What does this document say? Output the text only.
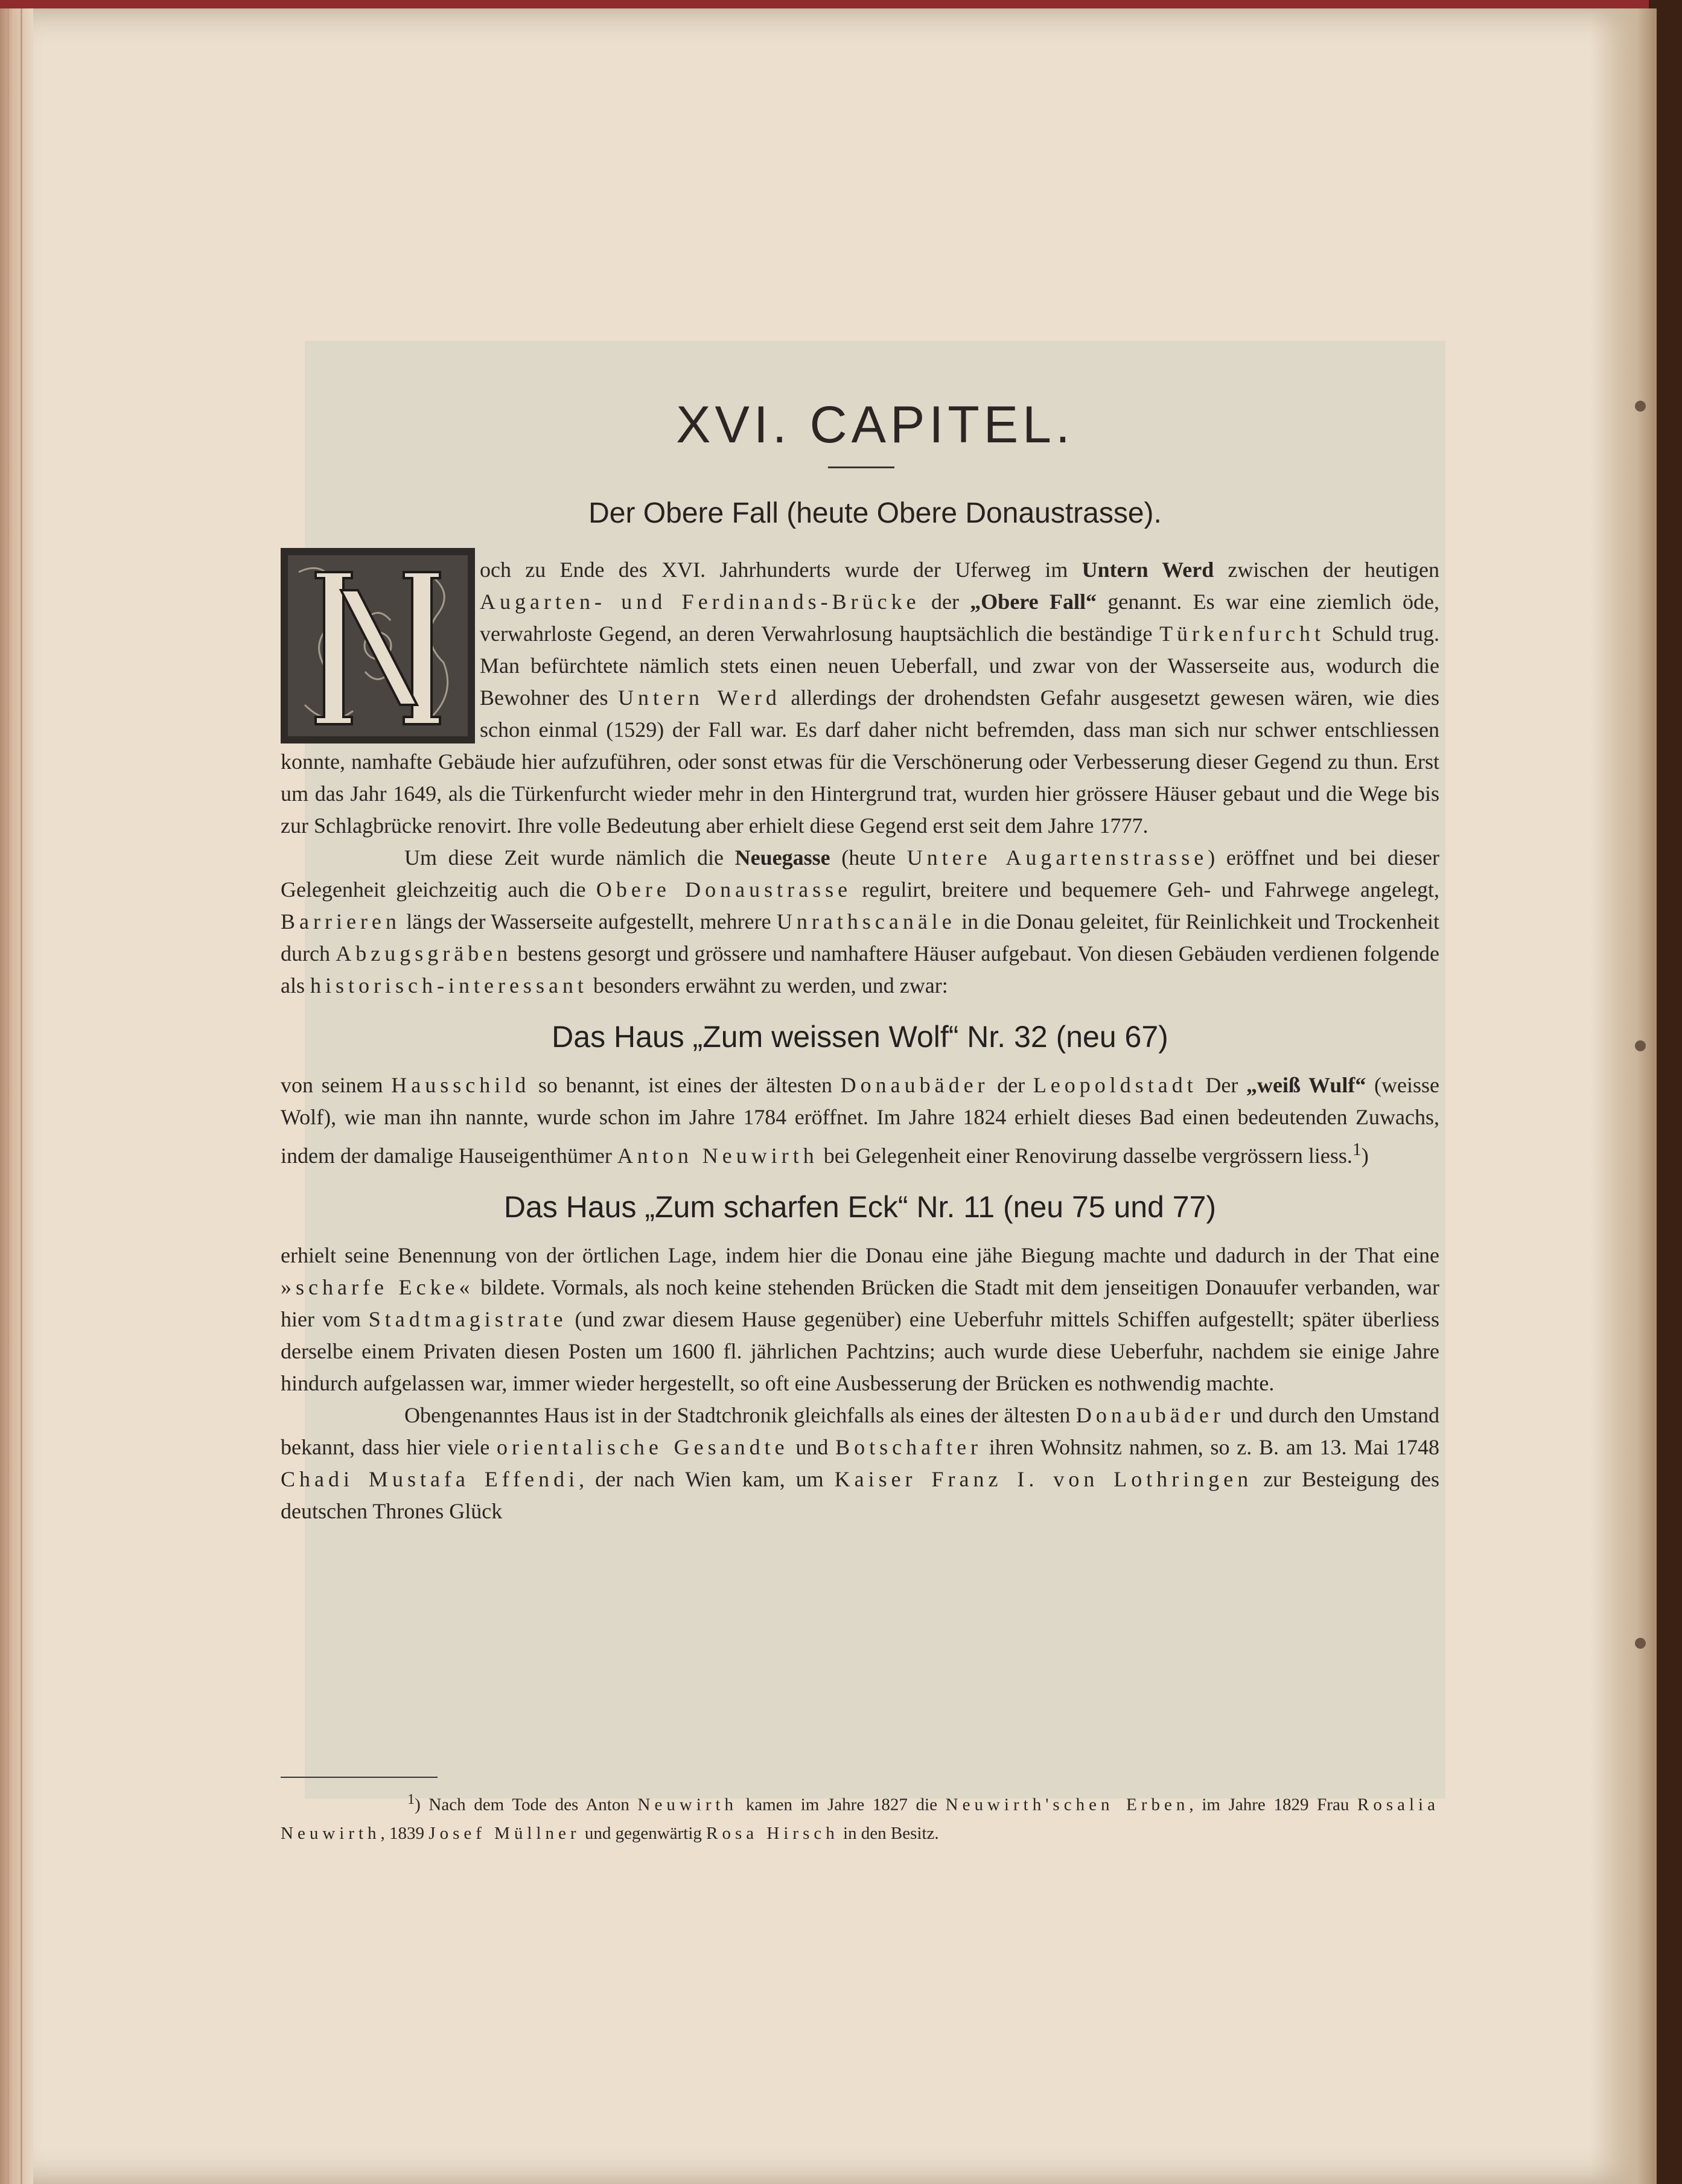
XVI. CAPITEL.
Der Obere Fall (heute Obere Donaustrasse).

och zu Ende des XVI. Jahrhunderts wurde der Uferweg im Untern Werd zwischen der heutigen Augarten- und Ferdinands-Brücke der „Obere Fall“ genannt. Es war eine ziemlich öde, verwahrloste Gegend, an deren Verwahrlosung hauptsächlich die beständige Türkenfurcht Schuld trug. Man befürchtete nämlich stets einen neuen Ueberfall, und zwar von der Wasserseite aus, wodurch die Bewohner des Untern Werd allerdings der drohendsten Gefahr ausgesetzt gewesen wären, wie dies schon einmal (1529) der Fall war. Es darf daher nicht befremden, dass man sich nur schwer entschliessen konnte, namhafte Gebäude hier aufzuführen, oder sonst etwas für die Verschönerung oder Verbesserung dieser Gegend zu thun. Erst um das Jahr 1649, als die Türkenfurcht wieder mehr in den Hintergrund trat, wurden hier grössere Häuser gebaut und die Wege bis zur Schlagbrücke renovirt. Ihre volle Bedeutung aber erhielt diese Gegend erst seit dem Jahre 1777.

Um diese Zeit wurde nämlich die Neuegasse (heute Untere Augartenstrasse) eröffnet und bei dieser Gelegenheit gleichzeitig auch die Obere Donaustrasse regulirt, breitere und bequemere Geh- und Fahrwege angelegt, Barrieren längs der Wasserseite aufgestellt, mehrere Unrathscanäle in die Donau geleitet, für Reinlichkeit und Trockenheit durch Abzugsgräben bestens gesorgt und grössere und namhaftere Häuser aufgebaut. Von diesen Gebäuden verdienen folgende als historisch-interessant besonders erwähnt zu werden, und zwar:

Das Haus „Zum weissen Wolf“ Nr. 32 (neu 67)

von seinem Hausschild so benannt, ist eines der ältesten Donaubäder der Leopoldstadt Der „weiß Wulf“ (weisse Wolf), wie man ihn nannte, wurde schon im Jahre 1784 eröffnet. Im Jahre 1824 erhielt dieses Bad einen bedeutenden Zuwachs, indem der damalige Hauseigenthümer Anton Neuwirth bei Gelegenheit einer Renovirung dasselbe vergrössern liess.$^1$)

Das Haus „Zum scharfen Eck“ Nr. 11 (neu 75 und 77)

erhielt seine Benennung von der örtlichen Lage, indem hier die Donau eine jähe Biegung machte und dadurch in der That eine »scharfe Ecke« bildete. Vormals, als noch keine stehenden Brücken die Stadt mit dem jenseitigen Donauufer verbanden, war hier vom Stadtmagistrate (und zwar diesem Hause gegenüber) eine Ueberfuhr mittels Schiffen aufgestellt; später überliess derselbe einem Privaten diesen Posten um 1600 fl. jährlichen Pachtzins; auch wurde diese Ueberfuhr, nachdem sie einige Jahre hindurch aufgelassen war, immer wieder hergestellt, so oft eine Ausbesserung der Brücken es nothwendig machte.

Obengenanntes Haus ist in der Stadtchronik gleichfalls als eines der ältesten Donaubäder und durch den Umstand bekannt, dass hier viele orientalische Gesandte und Botschafter ihren Wohnsitz nahmen, so z. B. am 13. Mai 1748 Chadi Mustafa Effendi, der nach Wien kam, um Kaiser Franz I. von Lothringen zur Besteigung des deutschen Thrones Glück

$^1$) Nach dem Tode des Anton Neuwirth kamen im Jahre 1827 die Neuwirth'schen Erben, im Jahre 1829 Frau Rosalia Neuwirth, 1839 Josef Müllner und gegenwärtig Rosa Hirsch in den Besitz.
